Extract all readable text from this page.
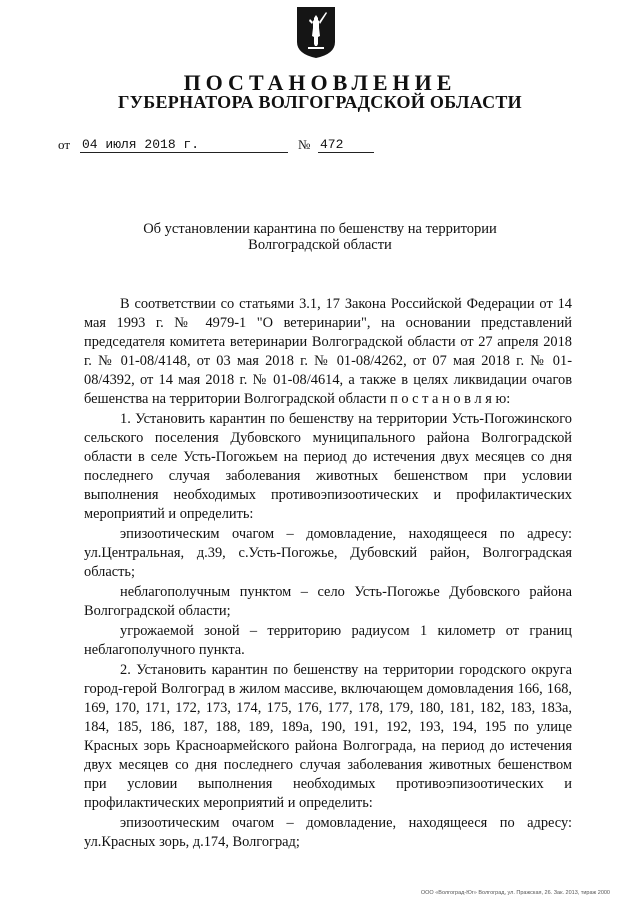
ПОСТАНОВЛЕНИЕ
ГУБЕРНАТОРА ВОЛГОГРАДСКОЙ ОБЛАСТИ
от 04 июля 2018 г.	№ 472
Об установлении карантина по бешенству на территории
Волгоградской области

В соответствии со статьями 3.1, 17 Закона Российской Федерации от 14 мая 1993 г. № 4979-1 "О ветеринарии", на основании представлений председателя комитета ветеринарии Волгоградской области от 27 апреля 2018 г. № 01-08/4148, от 03 мая 2018 г. № 01-08/4262, от 07 мая 2018 г. № 01-08/4392, от 14 мая 2018 г. № 01-08/4614, а также в целях ликвидации очагов бешенства на территории Волгоградской области п о с т а н о в л я ю:

1. Установить карантин по бешенству на территории Усть-Погожинского сельского поселения Дубовского муниципального района Волгоградской области в селе Усть-Погожьем на период до истечения двух месяцев со дня последнего случая заболевания животных бешенством при условии выполнения необходимых противоэпизоотических и профилактических мероприятий и определить:

эпизоотическим очагом – домовладение, находящееся по адресу: ул.Центральная, д.39, с.Усть-Погожье, Дубовский район, Волгоградская область;

неблагополучным пунктом – село Усть-Погожье Дубовского района Волгоградской области;

угрожаемой зоной – территорию радиусом 1 километр от границ неблагополучного пункта.

2. Установить карантин по бешенству на территории городского округа город-герой Волгоград в жилом массиве, включающем домовладения 166, 168, 169, 170, 171, 172, 173, 174, 175, 176, 177, 178, 179, 180, 181, 182, 183, 183а, 184, 185, 186, 187, 188, 189, 189а, 190, 191, 192, 193, 194, 195 по улице Красных зорь Красноармейского района Волгограда, на период до истечения двух месяцев со дня последнего случая заболевания животных бешенством при условии выполнения необходимых противоэпизоотических и профилактических мероприятий и определить:

эпизоотическим очагом – домовладение, находящееся по адресу: ул.Красных зорь, д.174, Волгоград;

ООО «Волгоград-Юг» Волгоград, ул. Пражская, 26. Зак. 2013, тираж 2000
